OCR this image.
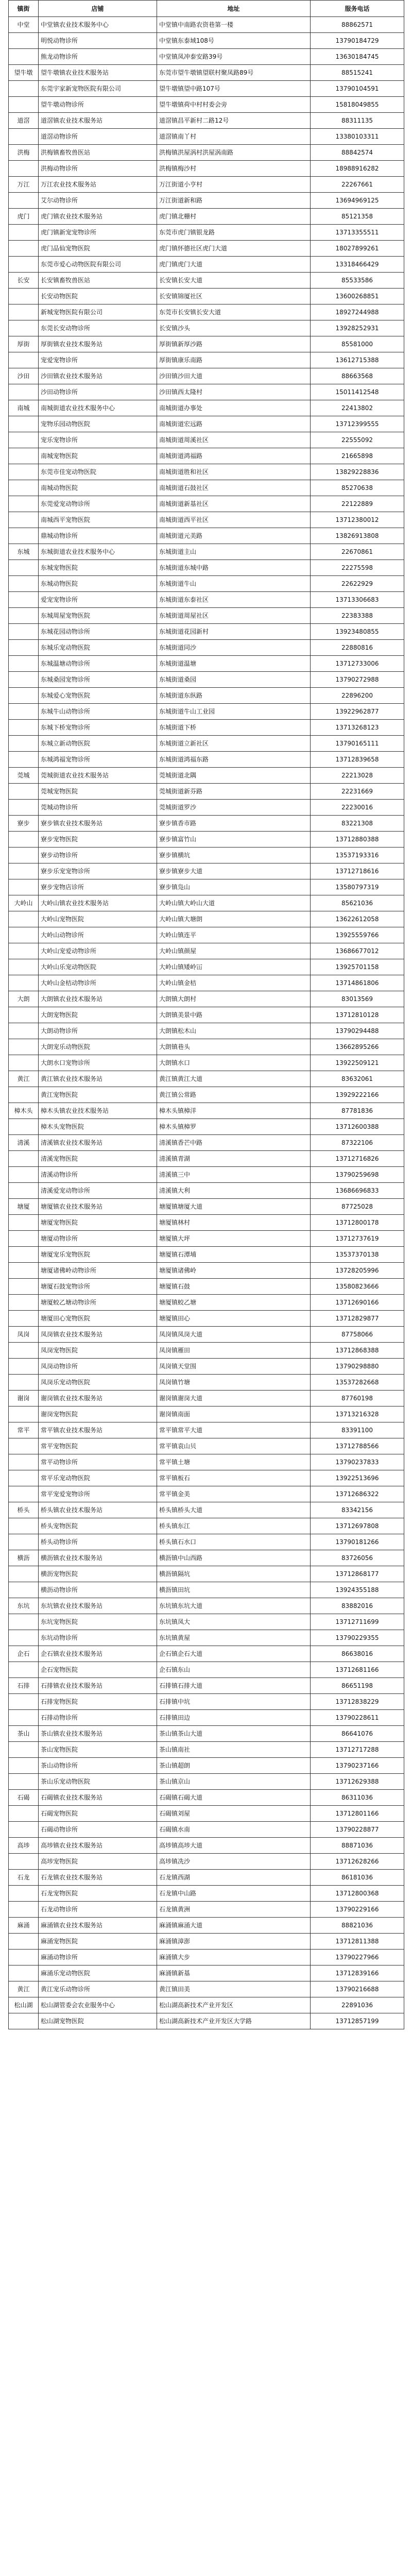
镇街	店铺	地址	服务电话
中堂	中堂镇农业技术服务中心	中堂镇中南路农资巷第一楼	88862571
	明悦动物诊所	中堂镇东泰域108号	13790184729
	熊龙动物诊所	中堂镇凤冲泰安路39号	13630184745
望牛墩	望牛墩镇农业技术服务站	东莞市望牛墩镇望联村聚凤路89号	88515241
	东莞宇家新宠物医院有限公司	望牛墩镇望中路107号	13790104591
	望牛墩动物诊所	望牛墩镇荷中村村委会旁	15818049855
道滘	道滘镇农业技术服务站	道滘镇昌平新村二路12号	88311135
	道滘动物诊所	道滘镇南丫村	13380103311
洪梅	洪梅镇畜牧兽医站	洪梅镇洪屋涡村洪屋涡南路	88842574
	洪梅动物诊所	洪梅镇梅沙村	18988916282
万江	万江农业技术服务站	万江街道小亨村	22267661
	艾尔动物诊所	万江街道新和路	13694969125
虎门	虎门镇农业技术服务站	虎门镇北栅村	85121358
	虎门镇新宠宠物诊所	东莞市虎门镇银龙路	13713355511
	虎门品仙宠物医院	虎门镇怀德社区虎门大道	18027899261
	东莞市爱心动物医院有限公司	虎门镇虎门大道	13318466429
长安	长安镇畜牧兽医站	长安镇长安大道	85533586
	长安动物医院	长安镇锦厦社区	13600268851
	新城宠物医院有限公司	东莞市长安镇长安大道	18927244988
	东莞长安动物诊所	长安镇沙头	13928252931
厚街	厚街镇农业技术服务站	厚街镇新厚沙路	85581000
	宠爱宠物诊所	厚街镇康乐南路	13612715388
沙田	沙田镇农业技术服务站	沙田镇沙田大道	88663568
	沙田动物诊所	沙田镇西太隆村	15011412548
南城	南城街道农业技术服务中心	南城街道办事处	22413802
	宠物乐园动物医院	南城街道宏远路	13712399555
	宠乐宠物诊所	南城街道周溪社区	22555092
	南城宠物医院	南城街道鸿福路	21665898
	东莞市佳宠动物医院	南城街道胜和社区	13829228836
	南城动物医院	南城街道石鼓社区	85270638
	东莞爱宠动物诊所	南城街道新基社区	22122889
	南城西平宠物医院	南城街道西平社区	13712380012
	鼎城动物诊所	南城街道元美路	13826913808
东城	东城街道农业技术服务中心	东城街道主山	22670861
	东城宠物医院	东城街道东城中路	22275598
	东城动物医院	东城街道牛山	22622929
	爱宠宠物诊所	东城街道东泰社区	13713306683
	东城周屋宠物医院	东城街道周屋社区	22383388
	东城花园动物诊所	东城街道花园新村	13923480855
	东城乐宠动物医院	东城街道同沙	22880816
	东城温塘动物诊所	东城街道温塘	13712733006
	东城桑园宠物诊所	东城街道桑园	13790272988
	东城爱心宠物医院	东城街道东纵路	22896200
	东城牛山动物诊所	东城街道牛山工业园	13922962877
	东城下桥宠物诊所	东城街道下桥	13713268123
	东城立新动物医院	东城街道立新社区	13790165111
	东城鸿福宠物诊所	东城街道鸿福东路	13712839658
莞城	莞城街道农业技术服务站	莞城街道北隅	22213028
	莞城宠物医院	莞城街道新芬路	22231669
	莞城动物诊所	莞城街道罗沙	22230016
寮步	寮步镇农业技术服务站	寮步镇香市路	83221308
	寮步宠物医院	寮步镇富竹山	13712880388
	寮步动物诊所	寮步镇横坑	13537193316
	寮步乐宠宠物诊所	寮步镇寮步大道	13712718616
	寮步宠物店诊所	寮步镇凫山	13580797319
大岭山	大岭山镇农业技术服务站	大岭山镇大岭山大道	85621036
	大岭山宠物医院	大岭山镇大塘朗	13622612058
	大岭山动物诊所	大岭山镇连平	13925559766
	大岭山宠爱动物诊所	大岭山镇颜屋	13686677012
	大岭山乐宠动物医院	大岭山镇矮岭冚	13925701158
	大岭山金桔动物诊所	大岭山镇金桔	13714861806
大朗	大朗镇农业技术服务站	大朗镇大朗村	83013569
	大朗宠物医院	大朗镇美景中路	13712810128
	大朗动物诊所	大朗镇松木山	13790294488
	大朗宠乐动物医院	大朗镇巷头	13662895266
	大朗水口宠物诊所	大朗镇水口	13922509121
黄江	黄江镇农业技术服务站	黄江镇黄江大道	83632061
	黄江宠物医院	黄江镇公常路	13929222166
樟木头	樟木头镇农业技术服务站	樟木头镇樟洋	87781836
	樟木头宠物医院	樟木头镇樟罗	13712600388
清溪	清溪镇农业技术服务站	清溪镇香芒中路	87322106
	清溪宠物医院	清溪镇青湖	13712716826
	清溪动物诊所	清溪镇三中	13790259698
	清溪爱宠动物诊所	清溪镇大利	13686696833
塘厦	塘厦镇农业技术服务站	塘厦镇塘厦大道	87725028
	塘厦宠物医院	塘厦镇林村	13712800178
	塘厦动物诊所	塘厦镇大坪	13712737619
	塘厦宠乐宠物医院	塘厦镇石潭埔	13537370138
	塘厦诸佛岭动物诊所	塘厦镇诸佛岭	13728205996
	塘厦石鼓宠物诊所	塘厦镇石鼓	13580823666
	塘厦蛟乙塘动物诊所	塘厦镇蛟乙塘	13712690166
	塘厦田心宠物医院	塘厦镇田心	13712829877
凤岗	凤岗镇农业技术服务站	凤岗镇凤岗大道	87758066
	凤岗宠物医院	凤岗镇雁田	13712868388
	凤岗动物诊所	凤岗镇天堂围	13790298880
	凤岗乐宠动物医院	凤岗镇竹塘	13537282668
谢岗	谢岗镇农业技术服务站	谢岗镇谢岗大道	87760198
	谢岗宠物医院	谢岗镇南面	13713216328
常平	常平镇农业技术服务站	常平镇常平大道	83391100
	常平宠物医院	常平镇袁山贝	13712788566
	常平动物诊所	常平镇土塘	13790237833
	常平乐宠动物医院	常平镇板石	13922513696
	常平宠爱宠物诊所	常平镇金美	13712686322
桥头	桥头镇农业技术服务站	桥头镇桥头大道	83342156
	桥头宠物医院	桥头镇东江	13712697808
	桥头动物诊所	桥头镇石水口	13790181266
横沥	横沥镇农业技术服务站	横沥镇中山西路	83726056
	横沥宠物医院	横沥镇隔坑	13712868177
	横沥动物诊所	横沥镇田坑	13924355188
东坑	东坑镇农业技术服务站	东坑镇东坑大道	83882016
	东坑宠物医院	东坑镇凤大	13712711699
	东坑动物诊所	东坑镇黄屋	13790229355
企石	企石镇农业技术服务站	企石镇企石大道	86638016
	企石宠物医院	企石镇东山	13712681166
石排	石排镇农业技术服务站	石排镇石排大道	86651198
	石排宠物医院	石排镇中坑	13712838229
	石排动物诊所	石排镇田边	13790228611
茶山	茶山镇农业技术服务站	茶山镇茶山大道	86641076
	茶山宠物医院	茶山镇南社	13712717288
	茶山动物诊所	茶山镇超朗	13790237166
	茶山乐宠动物医院	茶山镇京山	13712629388
石碣	石碣镇农业技术服务站	石碣镇石碣大道	86311036
	石碣宠物医院	石碣镇刘屋	13712801166
	石碣动物诊所	石碣镇水南	13790228877
高埗	高埗镇农业技术服务站	高埗镇高埗大道	88871036
	高埗宠物医院	高埗镇冼沙	13712628266
石龙	石龙镇农业技术服务站	石龙镇西湖	86181036
	石龙宠物医院	石龙镇中山路	13712800368
	石龙动物诊所	石龙镇黄洲	13790229166
麻涌	麻涌镇农业技术服务站	麻涌镇麻涌大道	88821036
	麻涌宠物医院	麻涌镇漳澎	13712811388
	麻涌动物诊所	麻涌镇大步	13790227966
	麻涌乐宠动物医院	麻涌镇新基	13712839166
黄江	黄江宠乐动物诊所	黄江镇田美	13790216688
松山湖	松山湖管委会农业服务中心	松山湖高新技术产业开发区	22891036
	松山湖宠物医院	松山湖高新技术产业开发区大学路	13712857199
